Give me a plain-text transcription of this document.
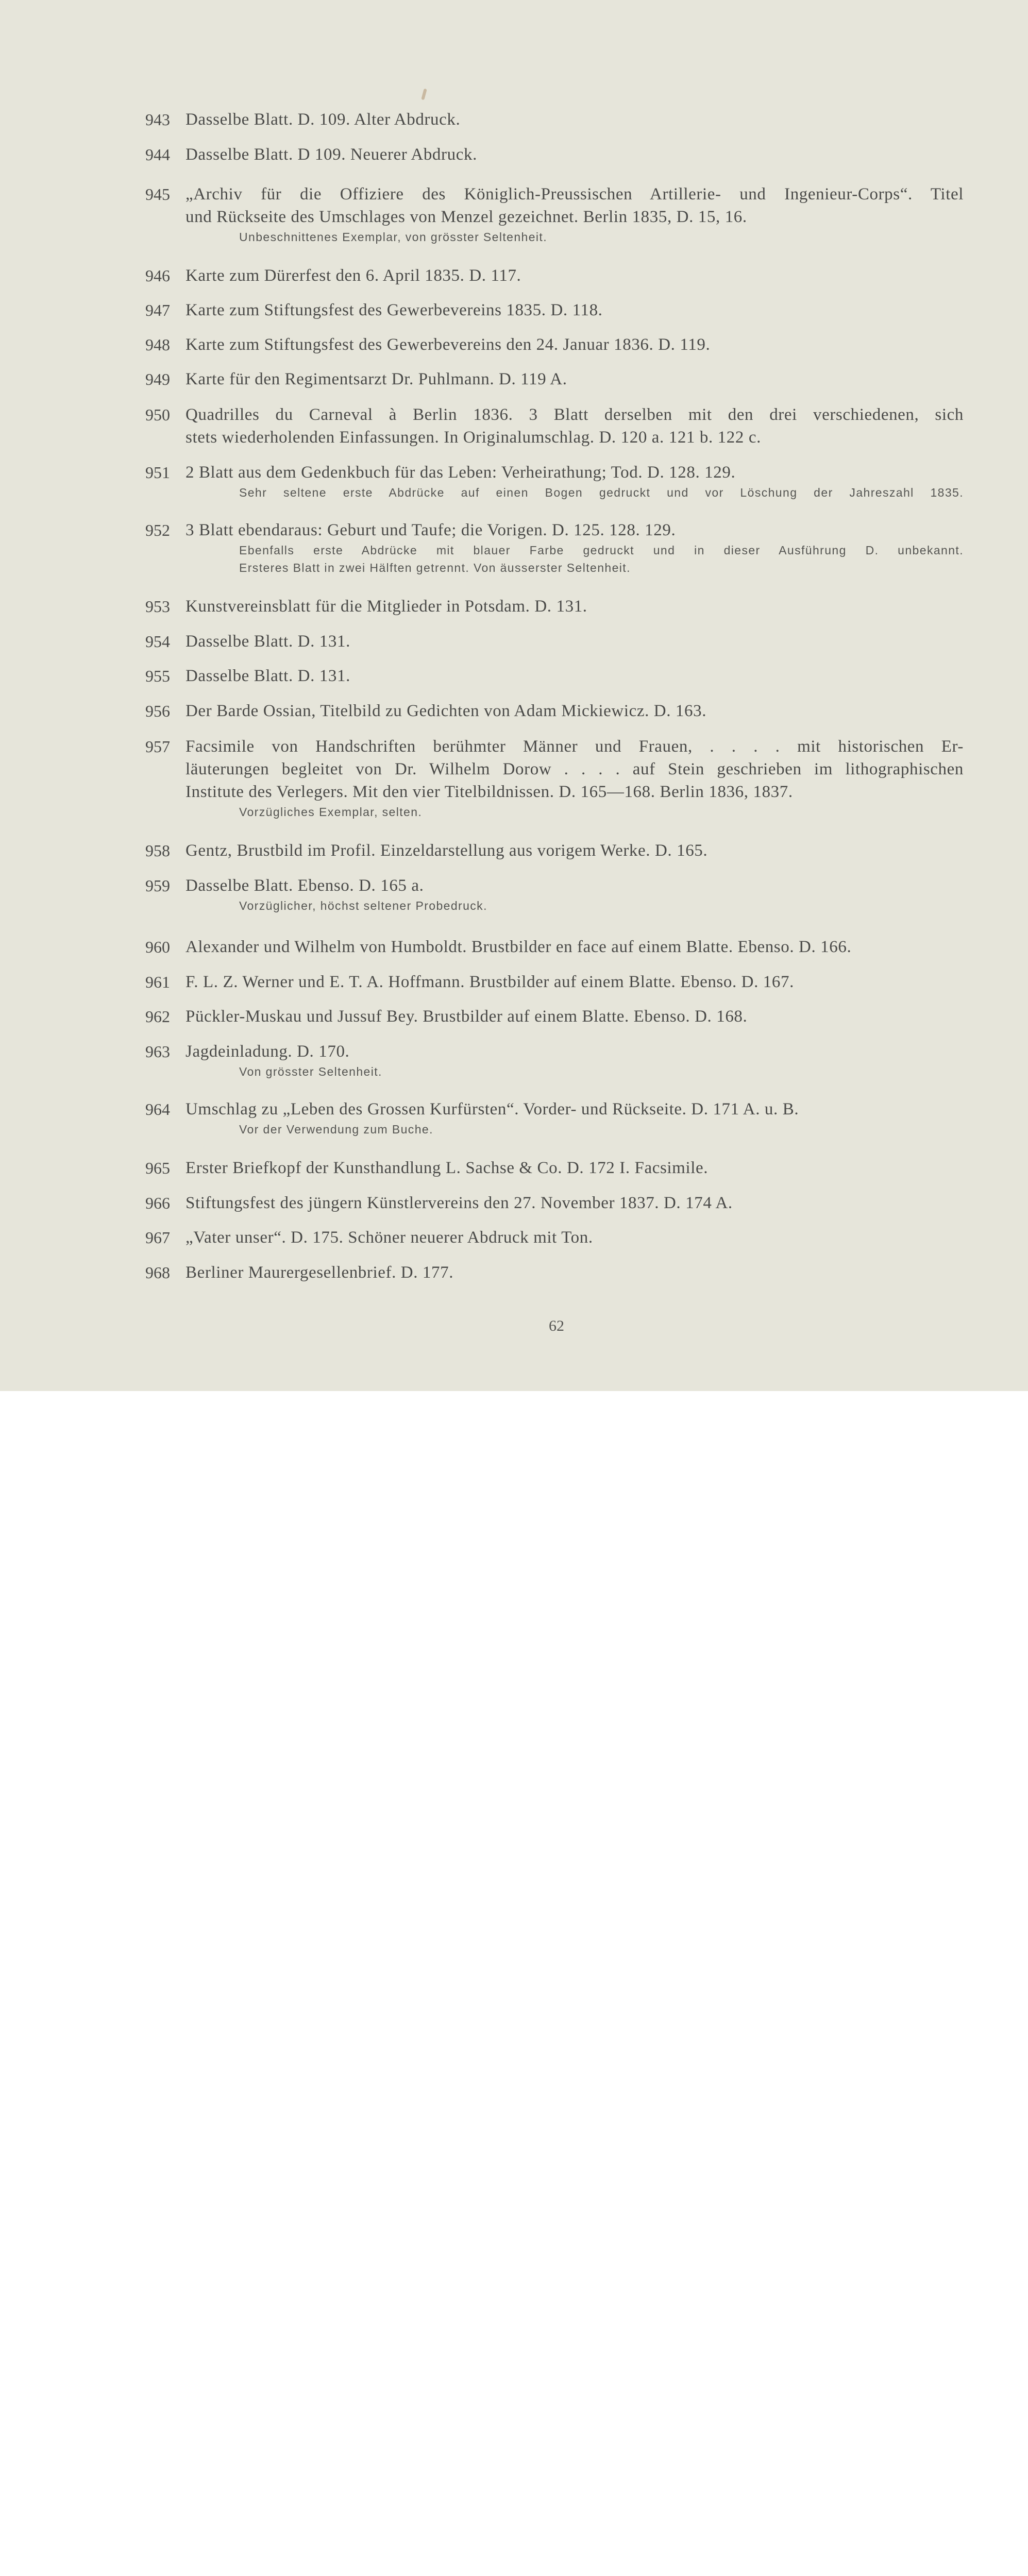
943 Dasselbe Blatt. D. 109. Alter Abdruck.
944 Dasselbe Blatt. D 109. Neuerer Abdruck.
945 „Archiv für die Offiziere des Königlich-Preussischen Artillerie- und Ingenieur-Corps“. Titel
und Rückseite des Umschlages von Menzel gezeichnet. Berlin 1835, D. 15, 16.
Unbeschnittenes Exemplar, von grösster Seltenheit.
946 Karte zum Dürerfest den 6. April 1835. D. 117.
947 Karte zum Stiftungsfest des Gewerbevereins 1835. D. 118.
948 Karte zum Stiftungsfest des Gewerbevereins den 24. Januar 1836. D. 119.
949 Karte für den Regimentsarzt Dr. Puhlmann. D. 119 A.
950 Quadrilles du Carneval à Berlin 1836. 3 Blatt derselben mit den drei verschiedenen, sich
stets wiederholenden Einfassungen. In Originalumschlag. D. 120 a. 121 b. 122 c.
951 2 Blatt aus dem Gedenkbuch für das Leben: Verheirathung; Tod. D. 128. 129.
Sehr seltene erste Abdrücke auf einen Bogen gedruckt und vor Löschung der Jahreszahl 1835.
952 3 Blatt ebendaraus: Geburt und Taufe; die Vorigen. D. 125. 128. 129.
Ebenfalls erste Abdrücke mit blauer Farbe gedruckt und in dieser Ausführung D. unbekannt.
Ersteres Blatt in zwei Hälften getrennt. Von äusserster Seltenheit.
953 Kunstvereinsblatt für die Mitglieder in Potsdam. D. 131.
954 Dasselbe Blatt. D. 131.
955 Dasselbe Blatt. D. 131.
956 Der Barde Ossian, Titelbild zu Gedichten von Adam Mickiewicz. D. 163.
957 Facsimile von Handschriften berühmter Männer und Frauen, . . . . mit historischen Er-
läuterungen begleitet von Dr. Wilhelm Dorow . . . . auf Stein geschrieben im lithographischen
Institute des Verlegers. Mit den vier Titelbildnissen. D. 165—168. Berlin 1836, 1837.
Vorzügliches Exemplar, selten.
958 Gentz, Brustbild im Profil. Einzeldarstellung aus vorigem Werke. D. 165.
959 Dasselbe Blatt. Ebenso. D. 165 a.
Vorzüglicher, höchst seltener Probedruck.
960 Alexander und Wilhelm von Humboldt. Brustbilder en face auf einem Blatte. Ebenso. D. 166.
961 F. L. Z. Werner und E. T. A. Hoffmann. Brustbilder auf einem Blatte. Ebenso. D. 167.
962 Pückler-Muskau und Jussuf Bey. Brustbilder auf einem Blatte. Ebenso. D. 168.
963 Jagdeinladung. D. 170.
Von grösster Seltenheit.
964 Umschlag zu „Leben des Grossen Kurfürsten“. Vorder- und Rückseite. D. 171 A. u. B.
Vor der Verwendung zum Buche.
965 Erster Briefkopf der Kunsthandlung L. Sachse & Co. D. 172 I. Facsimile.
966 Stiftungsfest des jüngern Künstlervereins den 27. November 1837. D. 174 A.
967 „Vater unser“. D. 175. Schöner neuerer Abdruck mit Ton.
968 Berliner Maurergesellenbrief. D. 177.
62
